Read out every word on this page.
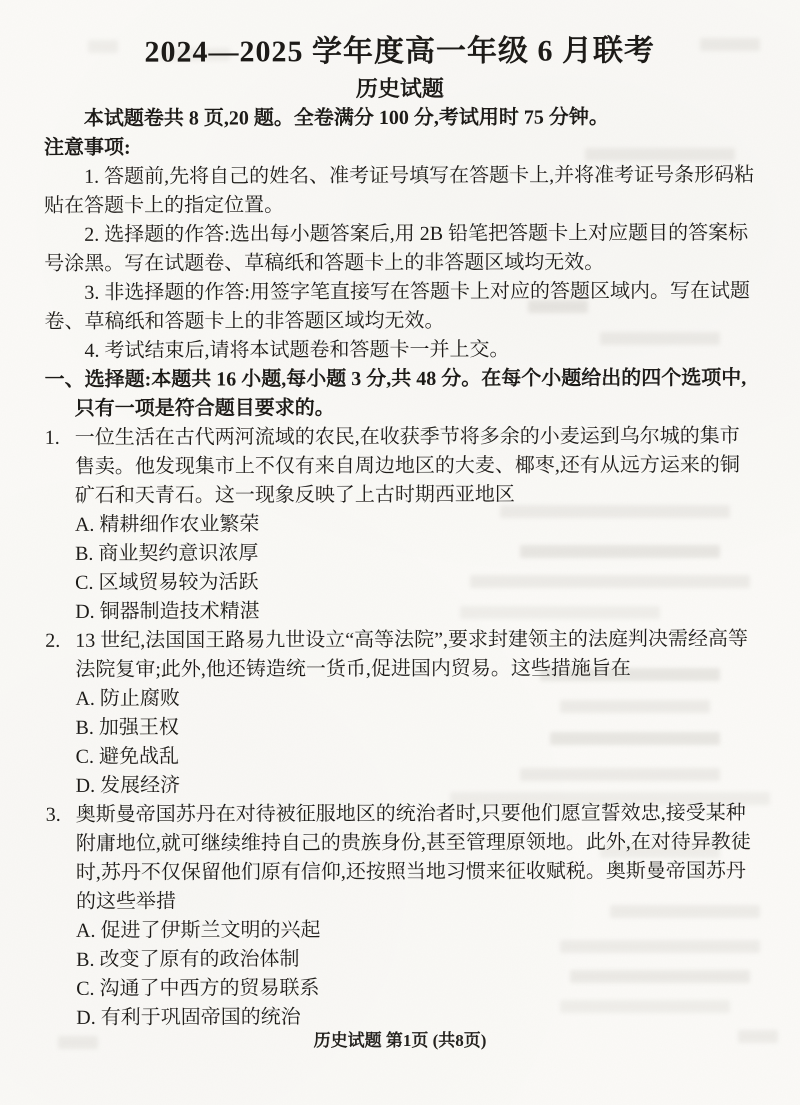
2024—2025 学年度高一年级 6 月联考

历史试题

本试题卷共 8 页,20 题。全卷满分 100 分,考试用时 75 分钟。

注意事项:

1. 答题前,先将自己的姓名、准考证号填写在答题卡上,并将准考证号条形码粘贴在答题卡上的指定位置。

2. 选择题的作答:选出每小题答案后,用 2B 铅笔把答题卡上对应题目的答案标号涂黑。写在试题卷、草稿纸和答题卡上的非答题区域均无效。

3. 非选择题的作答:用签字笔直接写在答题卡上对应的答题区域内。写在试题卷、草稿纸和答题卡上的非答题区域均无效。

4. 考试结束后,请将本试题卷和答题卡一并上交。

一、选择题:本题共 16 小题,每小题 3 分,共 48 分。在每个小题给出的四个选项中,只有一项是符合题目要求的。

1. 一位生活在古代两河流域的农民,在收获季节将多余的小麦运到乌尔城的集市售卖。他发现集市上不仅有来自周边地区的大麦、椰枣,还有从远方运来的铜矿石和天青石。这一现象反映了上古时期西亚地区

A. 精耕细作农业繁荣

B. 商业契约意识浓厚

C. 区域贸易较为活跃

D. 铜器制造技术精湛

2. 13 世纪,法国国王路易九世设立“高等法院”,要求封建领主的法庭判决需经高等法院复审;此外,他还铸造统一货币,促进国内贸易。这些措施旨在

A. 防止腐败

B. 加强王权

C. 避免战乱

D. 发展经济

3. 奥斯曼帝国苏丹在对待被征服地区的统治者时,只要他们愿宣誓效忠,接受某种附庸地位,就可继续维持自己的贵族身份,甚至管理原领地。此外,在对待异教徒时,苏丹不仅保留他们原有信仰,还按照当地习惯来征收赋税。奥斯曼帝国苏丹的这些举措

A. 促进了伊斯兰文明的兴起

B. 改变了原有的政治体制

C. 沟通了中西方的贸易联系

D. 有利于巩固帝国的统治

历史试题 第1页 (共8页)
